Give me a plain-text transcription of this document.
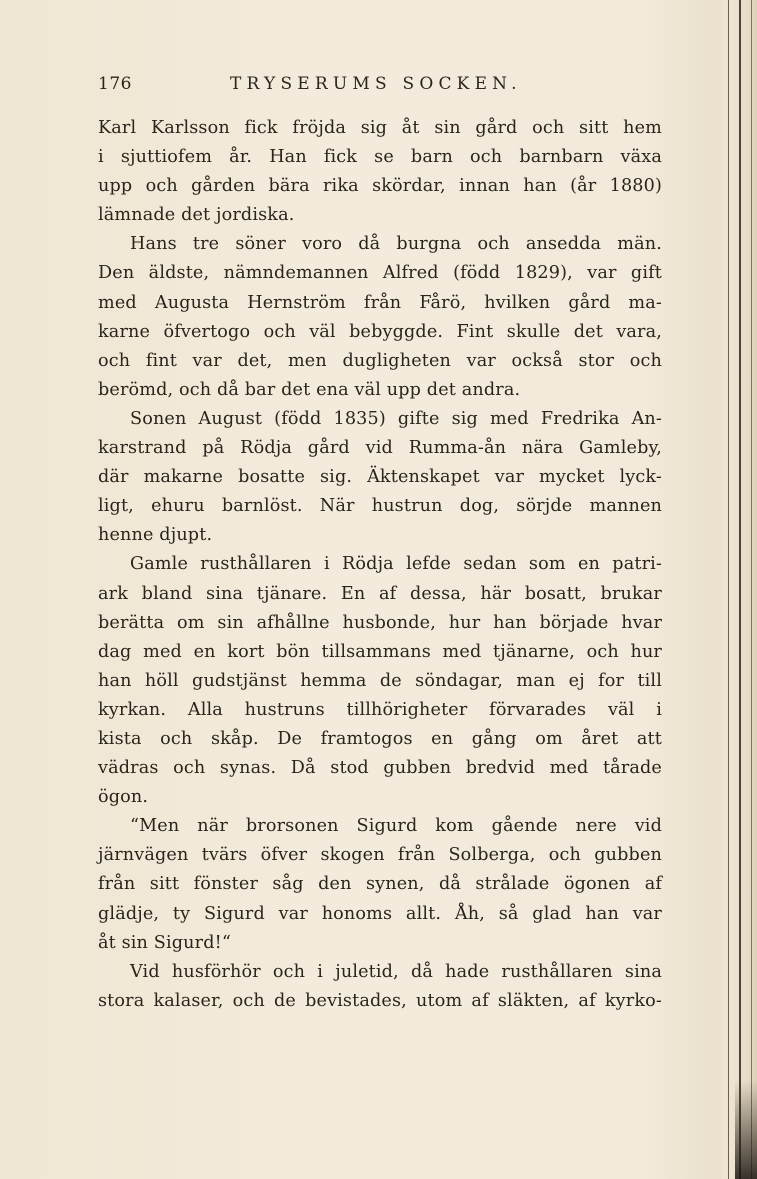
176	TRYSERUMS SOCKEN.
Karl Karlsson fick fröjda sig åt sin gård och sitt hem
i sjuttiofem år. Han fick se barn och barnbarn växa
upp och gården bära rika skördar, innan han (år 1880)
lämnade det jordiska.
Hans tre söner voro då burgna och ansedda män.
Den äldste, nämndemannen Alfred (född 1829), var gift
med Augusta Hernström från Fårö, hvilken gård ma-
karne öfvertogo och väl bebyggde. Fint skulle det vara,
och fint var det, men dugligheten var också stor och
berömd, och då bar det ena väl upp det andra.
Sonen August (född 1835) gifte sig med Fredrika An-
karstrand på Rödja gård vid Rumma-ån nära Gamleby,
där makarne bosatte sig. Äktenskapet var mycket lyck-
ligt, ehuru barnlöst. När hustrun dog, sörjde mannen
henne djupt.
Gamle rusthållaren i Rödja lefde sedan som en patri-
ark bland sina tjänare. En af dessa, här bosatt, brukar
berätta om sin afhållne husbonde, hur han började hvar
dag med en kort bön tillsammans med tjänarne, och hur
han höll gudstjänst hemma de söndagar, man ej for till
kyrkan. Alla hustruns tillhörigheter förvarades väl i
kista och skåp. De framtogos en gång om året att
vädras och synas. Då stod gubben bredvid med tårade
ögon.
“Men när brorsonen Sigurd kom gående nere vid
järnvägen tvärs öfver skogen från Solberga, och gubben
från sitt fönster såg den synen, då strålade ögonen af
glädje, ty Sigurd var honoms allt. Åh, så glad han var
åt sin Sigurd!“
Vid husförhör och i juletid, då hade rusthållaren sina
stora kalaser, och de bevistades, utom af släkten, af kyrko-
